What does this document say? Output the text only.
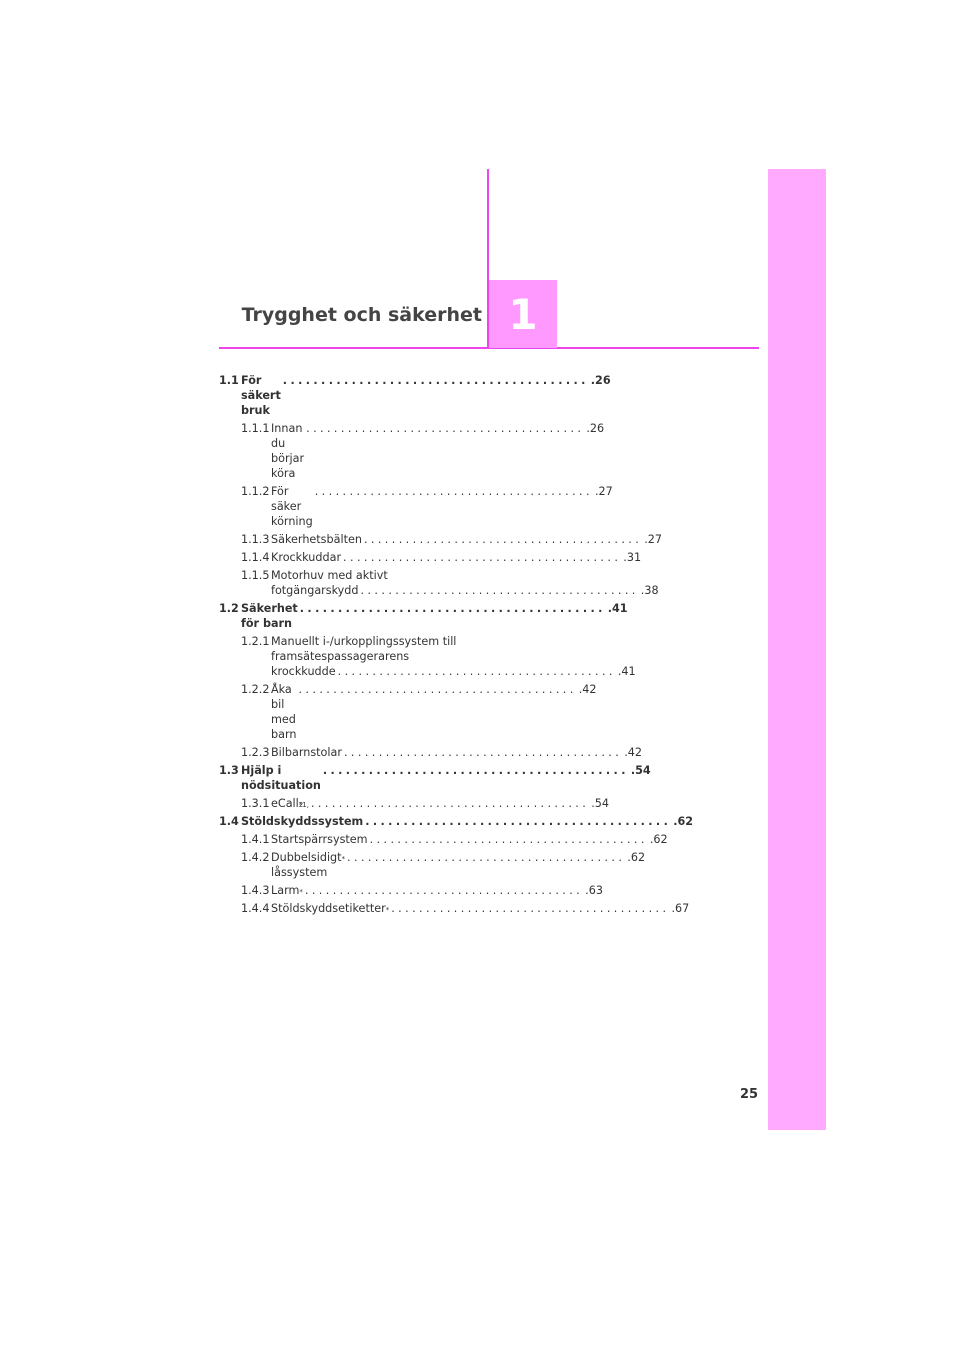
Trygghet och säkerhet 1
1.1 För säkert bruk
........................................ .26
1.1.1 Innan du börjar köra
........................................ .26
1.1.2 För säker körning
........................................ .27
1.1.3 Säkerhetsbälten ........................................ .27
1.1.4 Krockkuddar ........................................ .31
1.1.5 Motorhuv med aktivt
fotgängarskydd ........................................ .38
1.2 Säkerhet för barn
........................................ .41
1.2.1 Manuellt i-/urkopplingssystem till
framsätespassagerarens
krockkudde ........................................ .41
1.2.2 Åka bil med barn
........................................ .42
1.2.3 Bilbarnstolar ........................................ .42
1.3 Hjälp i nödsituation
........................................ .54
1.3.1 eCall *1, 2 ........................................ .54
1.4 Stöldskyddssystem ........................................ .62
1.4.1 Startspärrsystem ........................................ .62
1.4.2 Dubbelsidigt låssystem
* ........................................ .62
1.4.3 Larm * ........................................ .63
1.4.4 Stöldskyddsetiketter * ........................................ .67
25
